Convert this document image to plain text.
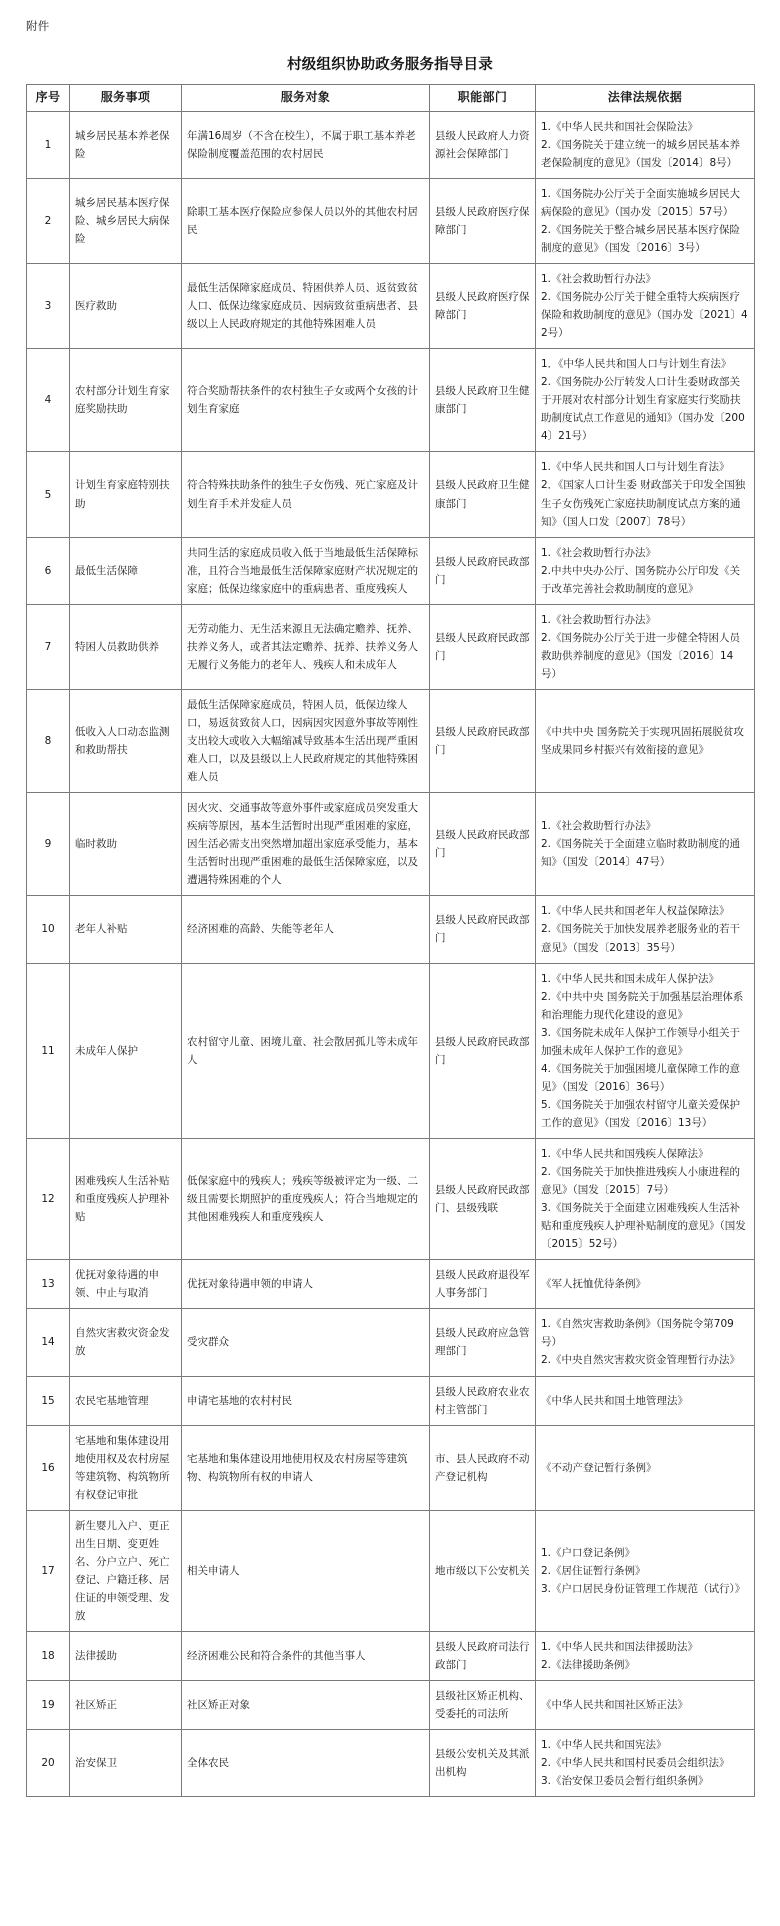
附件
村级组织协助政务服务指导目录
序号	服务事项	服务对象	职能部门	法律法规依据
1	城乡居民基本养老保险	年满16周岁（不含在校生），不属于职工基本养老保险制度覆盖范围的农村居民	县级人民政府人力资源社会保障部门	1.《中华人民共和国社会保险法》
2.《国务院关于建立统一的城乡居民基本养老保险制度的意见》（国发〔2014〕8号）

2	城乡居民基本医疗保险、城乡居民大病保险	除职工基本医疗保险应参保人员以外的其他农村居民	县级人民政府医疗保障部门	1.《国务院办公厅关于全面实施城乡居民大病保险的意见》（国办发〔2015〕57号）
2.《国务院关于整合城乡居民基本医疗保险制度的意见》（国发〔2016〕3号）

3	医疗救助	最低生活保障家庭成员、特困供养人员、返贫致贫人口、低保边缘家庭成员、因病致贫重病患者、县级以上人民政府规定的其他特殊困难人员	县级人民政府医疗保障部门	1.《社会救助暂行办法》
2.《国务院办公厅关于健全重特大疾病医疗保险和救助制度的意见》（国办发〔2021〕42号）

4	农村部分计划生育家庭奖励扶助	符合奖励帮扶条件的农村独生子女或两个女孩的计划生育家庭	县级人民政府卫生健康部门	1．《中华人民共和国人口与计划生育法》
2.《国务院办公厅转发人口计生委财政部关于开展对农村部分计划生育家庭实行奖励扶助制度试点工作意见的通知》（国办发〔2004〕21号）

5	计划生育家庭特别扶助	符合特殊扶助条件的独生子女伤残、死亡家庭及计划生育手术并发症人员	县级人民政府卫生健康部门	1.《中华人民共和国人口与计划生育法》
2．《国家人口计生委 财政部关于印发全国独生子女伤残死亡家庭扶助制度试点方案的通知》（国人口发〔2007〕78号）

6	最低生活保障	共同生活的家庭成员收入低于当地最低生活保障标准，且符合当地最低生活保障家庭财产状况规定的家庭；低保边缘家庭中的重病患者、重度残疾人	县级人民政府民政部门	1.《社会救助暂行办法》
2.中共中央办公厅、国务院办公厅印发《关于改革完善社会救助制度的意见》

7	特困人员救助供养	无劳动能力、无生活来源且无法确定赡养、抚养、扶养义务人，或者其法定赡养、抚养、扶养义务人无履行义务能力的老年人、残疾人和未成年人	县级人民政府民政部门	1.《社会救助暂行办法》
2.《国务院办公厅关于进一步健全特困人员救助供养制度的意见》（国发〔2016〕14号）

8	低收入人口动态监测和救助帮扶	最低生活保障家庭成员，特困人员，低保边缘人口，易返贫致贫人口，因病因灾因意外事故等刚性支出较大或收入大幅缩减导致基本生活出现严重困难人口，以及县级以上人民政府规定的其他特殊困难人员	县级人民政府民政部门	《中共中央 国务院关于实现巩固拓展脱贫攻坚成果同乡村振兴有效衔接的意见》

9	临时救助	因火灾、交通事故等意外事件或家庭成员突发重大疾病等原因，基本生活暂时出现严重困难的家庭，因生活必需支出突然增加超出家庭承受能力，基本生活暂时出现严重困难的最低生活保障家庭，以及遭遇特殊困难的个人	县级人民政府民政部门	1.《社会救助暂行办法》
2.《国务院关于全面建立临时救助制度的通知》（国发〔2014〕47号）

10	老年人补贴	经济困难的高龄、失能等老年人	县级人民政府民政部门	1.《中华人民共和国老年人权益保障法》
2.《国务院关于加快发展养老服务业的若干意见》（国发〔2013〕35号）

11	未成年人保护	农村留守儿童、困境儿童、社会散居孤儿等未成年人	县级人民政府民政部门	1.《中华人民共和国未成年人保护法》
2.《中共中央 国务院关于加强基层治理体系和治理能力现代化建设的意见》
3.《国务院未成年人保护工作领导小组关于加强未成年人保护工作的意见》
4.《国务院关于加强困境儿童保障工作的意见》（国发〔2016〕36号）
5.《国务院关于加强农村留守儿童关爱保护工作的意见》（国发〔2016〕13号）

12	困难残疾人生活补贴和重度残疾人护理补贴	低保家庭中的残疾人；残疾等级被评定为一级、二级且需要长期照护的重度残疾人；符合当地规定的其他困难残疾人和重度残疾人	县级人民政府民政部门、县级残联	1.《中华人民共和国残疾人保障法》
2.《国务院关于加快推进残疾人小康进程的意见》（国发〔2015〕7号）
3.《国务院关于全面建立困难残疾人生活补贴和重度残疾人护理补贴制度的意见》（国发〔2015〕52号）

13	优抚对象待遇的申领、中止与取消	优抚对象待遇申领的申请人	县级人民政府退役军人事务部门	《军人抚恤优待条例》

14	自然灾害救灾资金发放	受灾群众	县级人民政府应急管理部门	1.《自然灾害救助条例》（国务院令第709号）
2.《中央自然灾害救灾资金管理暂行办法》

15	农民宅基地管理	申请宅基地的农村村民	县级人民政府农业农村主管部门	《中华人民共和国土地管理法》

16	宅基地和集体建设用地使用权及农村房屋等建筑物、构筑物所有权登记审批	宅基地和集体建设用地使用权及农村房屋等建筑物、构筑物所有权的申请人	市、县人民政府不动产登记机构	《不动产登记暂行条例》

17	新生婴儿入户、更正出生日期、变更姓名、分户立户、死亡登记、户籍迁移、居住证的申领受理、发放	相关申请人	地市级以下公安机关	1.《户口登记条例》
2.《居住证暂行条例》
3.《户口居民身份证管理工作规范（试行）》

18	法律援助	经济困难公民和符合条件的其他当事人	县级人民政府司法行政部门	1.《中华人民共和国法律援助法》
2.《法律援助条例》

19	社区矫正	社区矫正对象	县级社区矫正机构、受委托的司法所	《中华人民共和国社区矫正法》

20	治安保卫	全体农民	县级公安机关及其派出机构	1.《中华人民共和国宪法》
2.《中华人民共和国村民委员会组织法》
3.《治安保卫委员会暂行组织条例》
